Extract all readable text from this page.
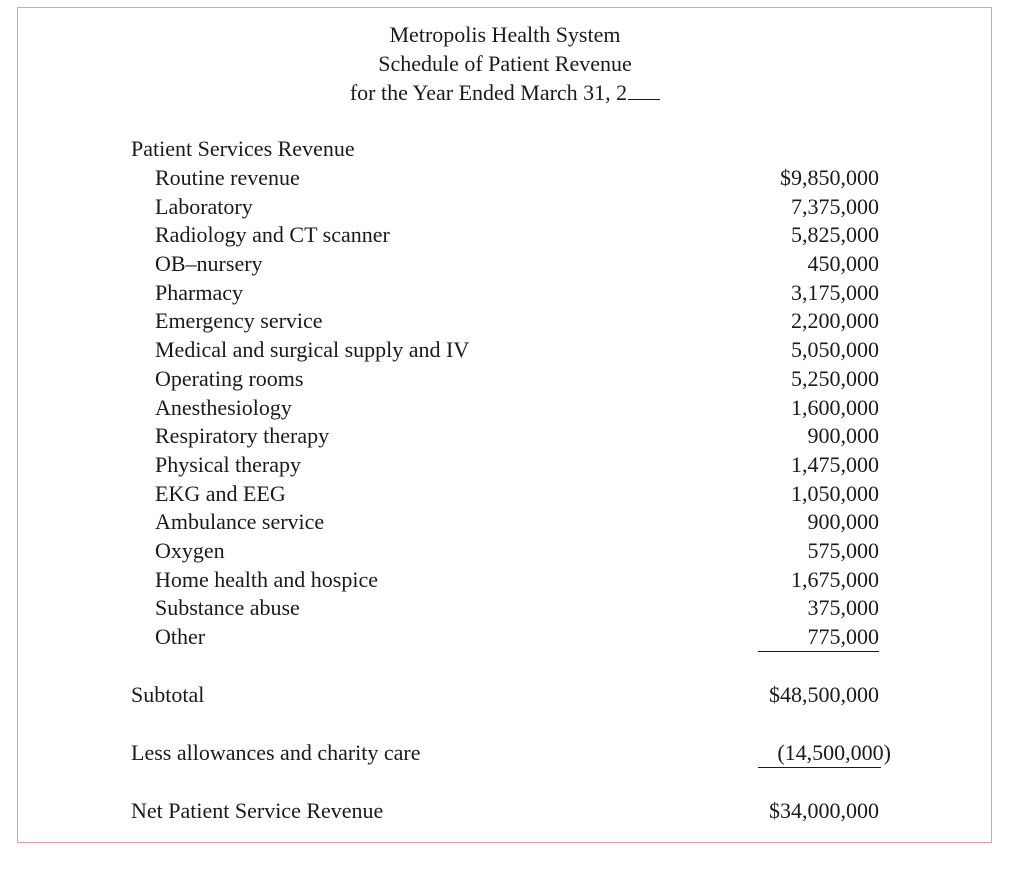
Metropolis Health System
Schedule of Patient Revenue
for the Year Ended March 31, 2
Patient Services Revenue
Routine revenue	$9,850,000
Laboratory	7,375,000
Radiology and CT scanner	5,825,000
OB–nursery	450,000
Pharmacy	3,175,000
Emergency service	2,200,000
Medical and surgical supply and IV	5,050,000
Operating rooms	5,250,000
Anesthesiology	1,600,000
Respiratory therapy	900,000
Physical therapy	1,475,000
EKG and EEG	1,050,000
Ambulance service	900,000
Oxygen	575,000
Home health and hospice	1,675,000
Substance abuse	375,000
Other	775,000
Subtotal	$48,500,000
Less allowances and charity care	(14,500,000)
Net Patient Service Revenue	$34,000,000
